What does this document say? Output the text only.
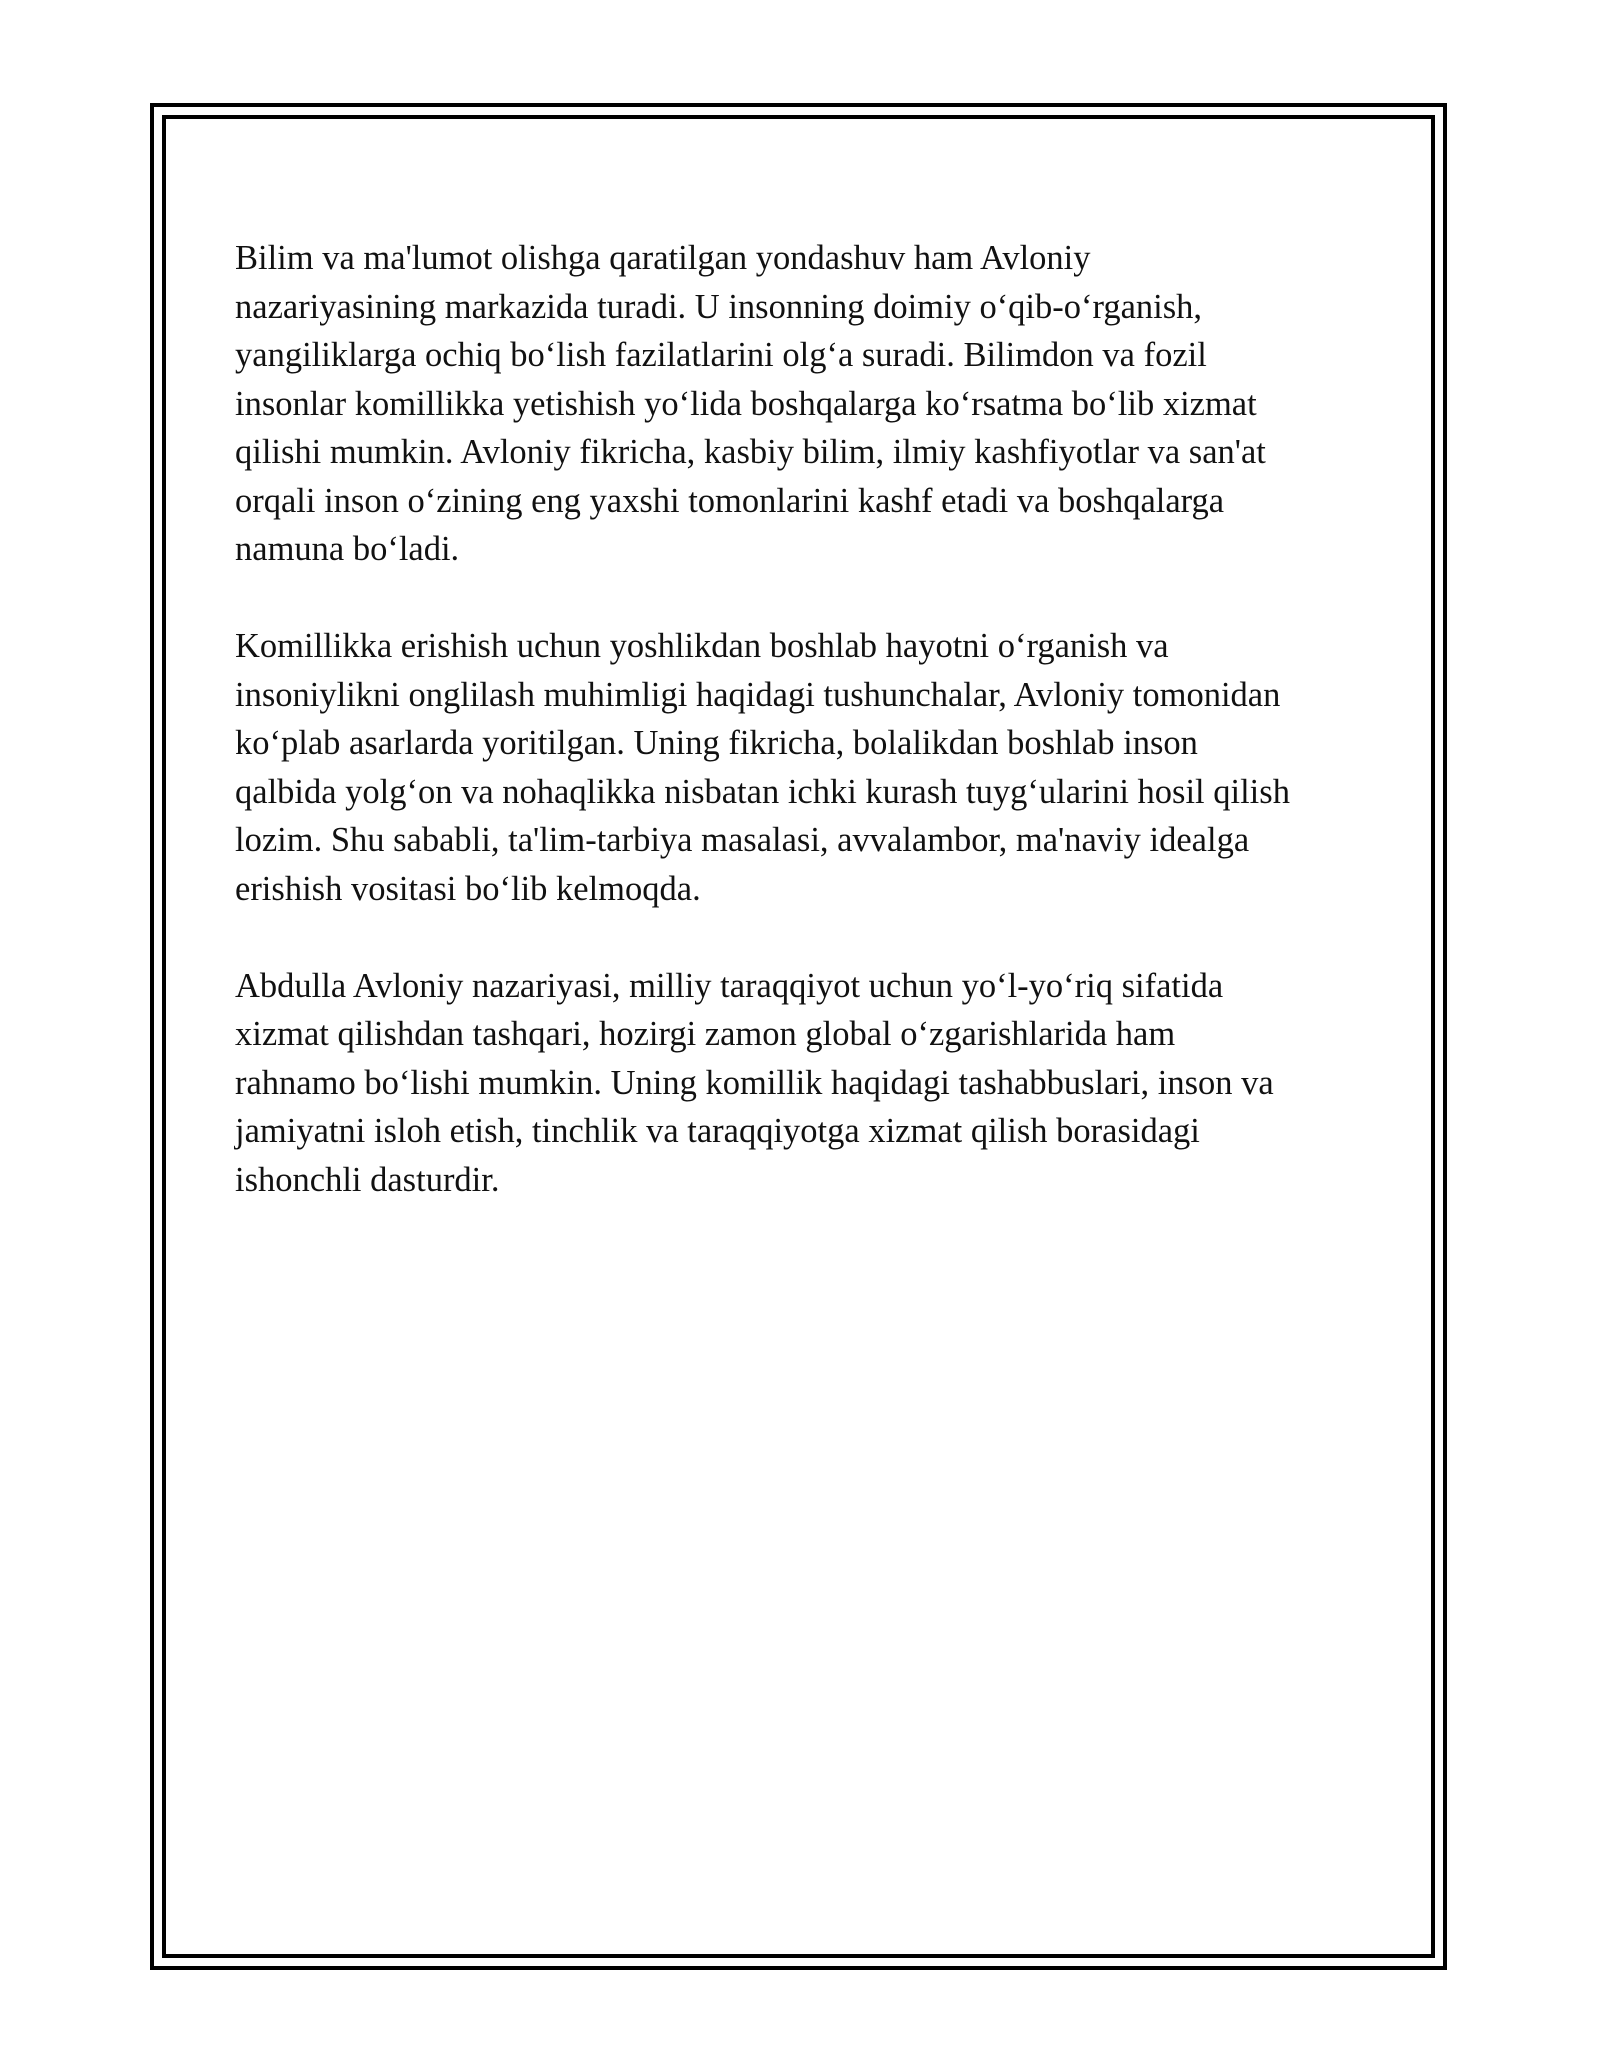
Bilim va ma'lumot olishga qaratilgan yondashuv ham Avloniy
nazariyasining markazida turadi. U insonning doimiy o‘qib-o‘rganish,
yangiliklarga ochiq bo‘lish fazilatlarini olg‘a suradi. Bilimdon va fozil
insonlar komillikka yetishish yo‘lida boshqalarga ko‘rsatma bo‘lib xizmat
qilishi mumkin. Avloniy fikricha, kasbiy bilim, ilmiy kashfiyotlar va san'at
orqali inson o‘zining eng yaxshi tomonlarini kashf etadi va boshqalarga
namuna bo‘ladi.

Komillikka erishish uchun yoshlikdan boshlab hayotni o‘rganish va
insoniylikni onglilash muhimligi haqidagi tushunchalar, Avloniy tomonidan
ko‘plab asarlarda yoritilgan. Uning fikricha, bolalikdan boshlab inson
qalbida yolg‘on va nohaqlikka nisbatan ichki kurash tuyg‘ularini hosil qilish
lozim. Shu sababli, ta'lim-tarbiya masalasi, avvalambor, ma'naviy idealga
erishish vositasi bo‘lib kelmoqda.

Abdulla Avloniy nazariyasi, milliy taraqqiyot uchun yo‘l-yo‘riq sifatida
xizmat qilishdan tashqari, hozirgi zamon global o‘zgarishlarida ham
rahnamo bo‘lishi mumkin. Uning komillik haqidagi tashabbuslari, inson va
jamiyatni isloh etish, tinchlik va taraqqiyotga xizmat qilish borasidagi
ishonchli dasturdir.
